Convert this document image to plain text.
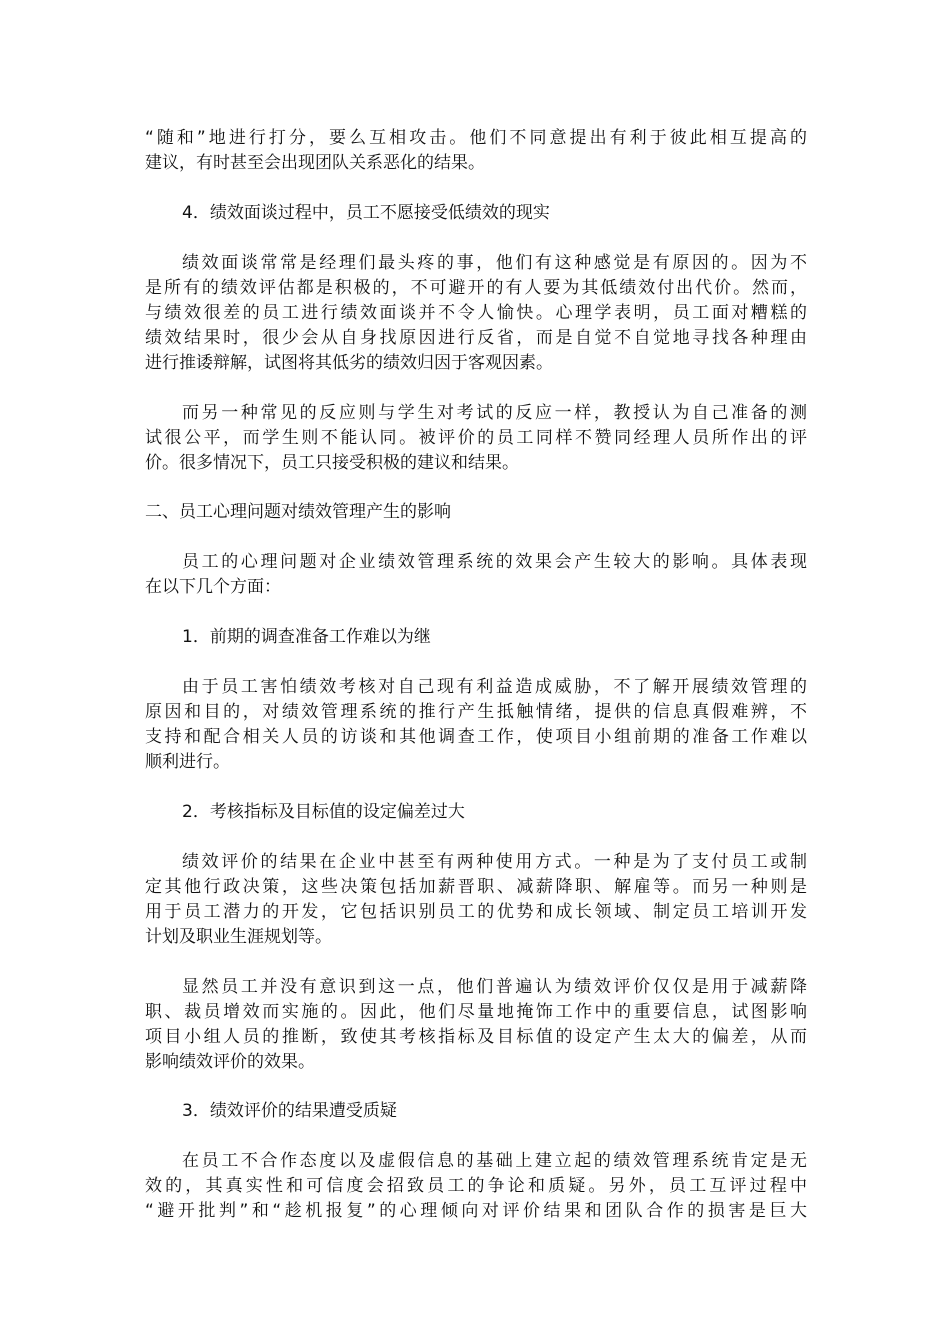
“随和”地进行打分，要么互相攻击。他们不同意提出有利于彼此相互提高的
建议，有时甚至会出现团队关系恶化的结果。
4．绩效面谈过程中，员工不愿接受低绩效的现实
绩效面谈常常是经理们最头疼的事，他们有这种感觉是有原因的。因为不
是所有的绩效评估都是积极的，不可避开的有人要为其低绩效付出代价。然而，
与绩效很差的员工进行绩效面谈并不令人愉快。心理学表明，员工面对糟糕的
绩效结果时，很少会从自身找原因进行反省，而是自觉不自觉地寻找各种理由
进行推诿辩解，试图将其低劣的绩效归因于客观因素。
而另一种常见的反应则与学生对考试的反应一样，教授认为自己准备的测
试很公平，而学生则不能认同。被评价的员工同样不赞同经理人员所作出的评
价。很多情况下，员工只接受积极的建议和结果。
二、员工心理问题对绩效管理产生的影响
员工的心理问题对企业绩效管理系统的效果会产生较大的影响。具体表现
在以下几个方面：
1．前期的调查准备工作难以为继
由于员工害怕绩效考核对自己现有利益造成威胁，不了解开展绩效管理的
原因和目的，对绩效管理系统的推行产生抵触情绪，提供的信息真假难辨，不
支持和配合相关人员的访谈和其他调查工作，使项目小组前期的准备工作难以
顺利进行。
2．考核指标及目标值的设定偏差过大
绩效评价的结果在企业中甚至有两种使用方式。一种是为了支付员工或制
定其他行政决策，这些决策包括加薪晋职、减薪降职、解雇等。而另一种则是
用于员工潜力的开发，它包括识别员工的优势和成长领域、制定员工培训开发
计划及职业生涯规划等。
显然员工并没有意识到这一点，他们普遍认为绩效评价仅仅是用于减薪降
职、裁员增效而实施的。因此，他们尽量地掩饰工作中的重要信息，试图影响
项目小组人员的推断，致使其考核指标及目标值的设定产生太大的偏差，从而
影响绩效评价的效果。
3．绩效评价的结果遭受质疑
在员工不合作态度以及虚假信息的基础上建立起的绩效管理系统肯定是无
效的，其真实性和可信度会招致员工的争论和质疑。另外，员工互评过程中
“避开批判”和“趁机报复”的心理倾向对评价结果和团队合作的损害是巨大
